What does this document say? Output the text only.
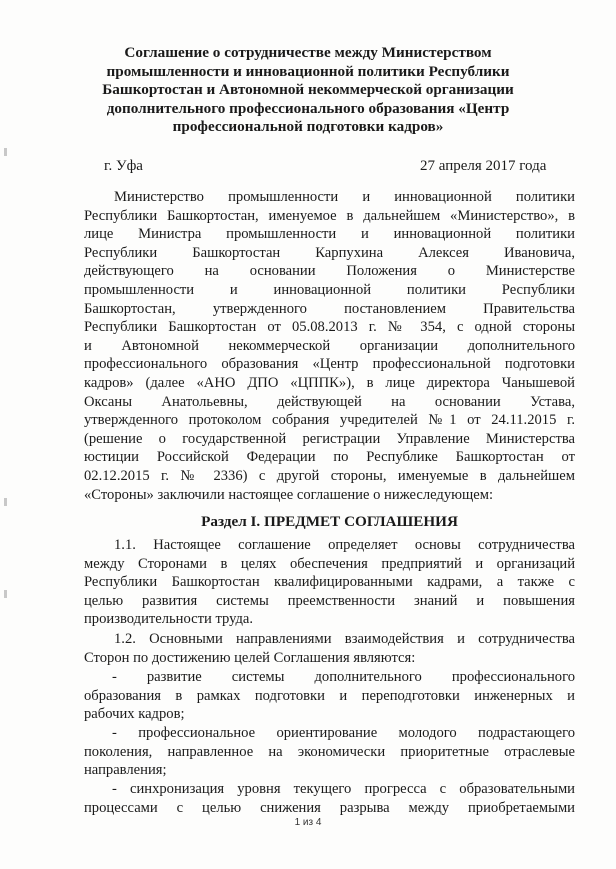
Соглашение о сотрудничестве между Министерством
промышленности и инновационной политики Республики
Башкортостан и Автономной некоммерческой организации
дополнительного профессионального образования «Центр
профессиональной подготовки кадров»
г. Уфа	27 апреля 2017 года
Министерство промышленности и инновационной политики
Республики Башкортостан, именуемое в дальнейшем «Министерство», в
лице Министра промышленности и инновационной политики
Республики Башкортостан Карпухина Алексея Ивановича,
действующего на основании Положения о Министерстве
промышленности и инновационной политики Республики
Башкортостан, утвержденного постановлением Правительства
Республики Башкортостан от 05.08.2013 г. № 354, с одной стороны
и Автономной некоммерческой организации дополнительного
профессионального образования «Центр профессиональной подготовки
кадров» (далее «АНО ДПО «ЦППК»), в лице директора Чанышевой
Оксаны Анатольевны, действующей на основании Устава,
утвержденного протоколом собрания учредителей №1 от 24.11.2015 г.
(решение о государственной регистрации Управление Министерства
юстиции Российской Федерации по Республике Башкортостан от
02.12.2015 г. № 2336) с другой стороны, именуемые в дальнейшем
«Стороны» заключили настоящее соглашение о нижеследующем:
Раздел I. ПРЕДМЕТ СОГЛАШЕНИЯ
1.1. Настоящее соглашение определяет основы сотрудничества
между Сторонами в целях обеспечения предприятий и организаций
Республики Башкортостан квалифицированными кадрами, а также с
целью развития системы преемственности знаний и повышения
производительности труда.
1.2. Основными направлениями взаимодействия и сотрудничества
Сторон по достижению целей Соглашения являются:
- развитие системы дополнительного профессионального
образования в рамках подготовки и переподготовки инженерных и
рабочих кадров;
- профессиональное ориентирование молодого подрастающего
поколения, направленное на экономически приоритетные отраслевые
направления;
- синхронизация уровня текущего прогресса с образовательными
процессами с целью снижения разрыва между приобретаемыми
1 из 4
